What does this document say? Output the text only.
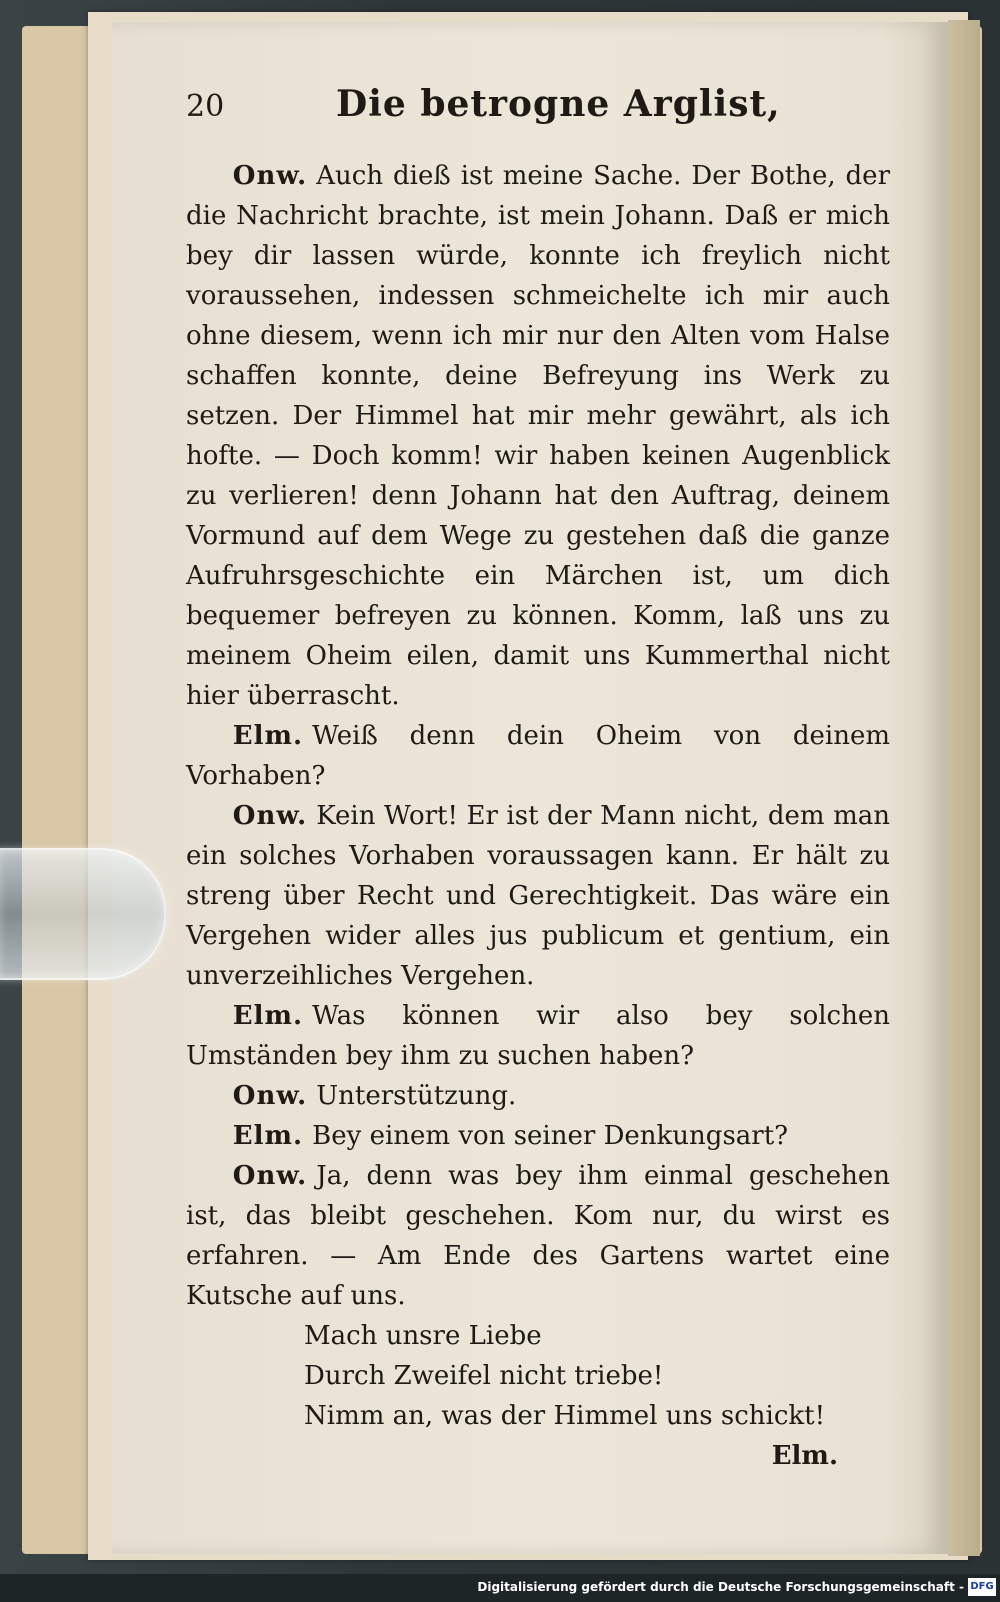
20	Die betrogne Arglist,

Onw. Auch dieß ist meine Sache. Der Bothe, der die Nachricht brachte, ist mein Johann. Daß er mich bey dir lassen würde, konnte ich freylich nicht voraussehen, indessen schmeichelte ich mir auch ohne diesem, wenn ich mir nur den Alten vom Halse schaffen konnte, deine Befreyung ins Werk zu setzen. Der Himmel hat mir mehr gewährt, als ich hofte. — Doch komm! wir haben keinen Augenblick zu verlieren! denn Johann hat den Auftrag, deinem Vormund auf dem Wege zu gestehen daß die ganze Aufruhrsgeschichte ein Märchen ist, um dich bequemer befreyen zu können. Komm, laß uns zu meinem Oheim eilen, damit uns Kummerthal nicht hier überrascht.

Elm. Weiß denn dein Oheim von deinem Vorhaben?

Onw. Kein Wort! Er ist der Mann nicht, dem man ein solches Vorhaben voraussagen kann. Er hält zu streng über Recht und Gerechtigkeit. Das wäre ein Vergehen wider alles jus publicum et gentium, ein unverzeihliches Vergehen.

Elm. Was können wir also bey solchen Umständen bey ihm zu suchen haben?

Onw. Unterstützung.

Elm. Bey einem von seiner Denkungsart?

Onw. Ja, denn was bey ihm einmal geschehen ist, das bleibt geschehen. Kom nur, du wirst es erfahren. — Am Ende des Gartens wartet eine Kutsche auf uns.

Mach unsre Liebe
Durch Zweifel nicht triebe!
Nimm an, was der Himmel uns schickt!

Elm.

Digitalisierung gefördert durch die Deutsche Forschungsgemeinschaft - DFG
